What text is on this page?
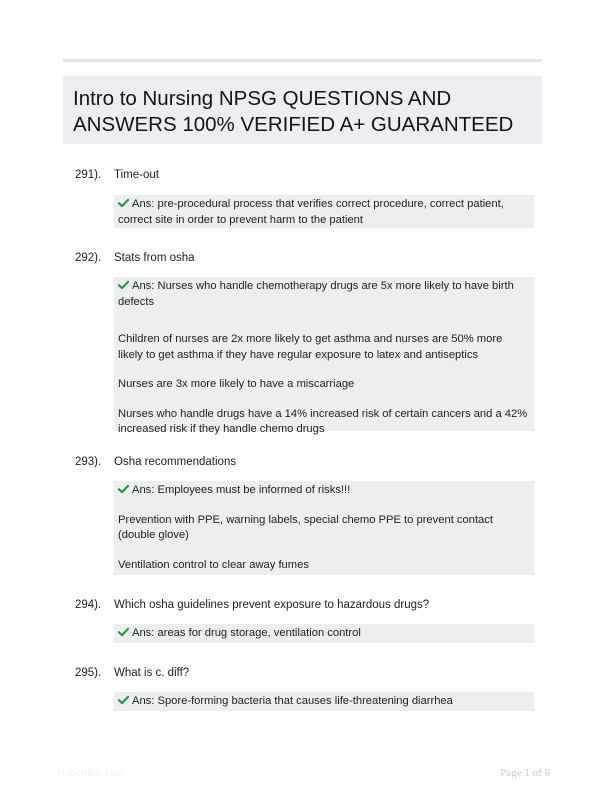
Intro to Nursing NPSG QUESTIONS AND
ANSWERS 100% VERIFIED A+ GUARANTEED
291). Time-out

Ans: pre-procedural process that verifies correct procedure, correct patient, correct site in order to prevent harm to the patient

292). Stats from osha

Ans: Nurses who handle chemotherapy drugs are 5x more likely to have birth defects

Children of nurses are 2x more likely to get asthma and nurses are 50% more likely to get asthma if they have regular exposure to latex and antiseptics

Nurses are 3x more likely to have a miscarriage

Nurses who handle drugs have a 14% increased risk of certain cancers and a 42% increased risk if they handle chemo drugs

293). Osha recommendations

Ans: Employees must be informed of risks!!!

Prevention with PPE, warning labels, special chemo PPE to prevent contact (double glove)

Ventilation control to clear away fumes

294). Which osha guidelines prevent exposure to hazardous drugs?

Ans: areas for drug storage, ventilation control

295). What is c. diff?

Ans: Spore-forming bacteria that causes life-threatening diarrhea

Papertibic.com	Page 1 of 8
